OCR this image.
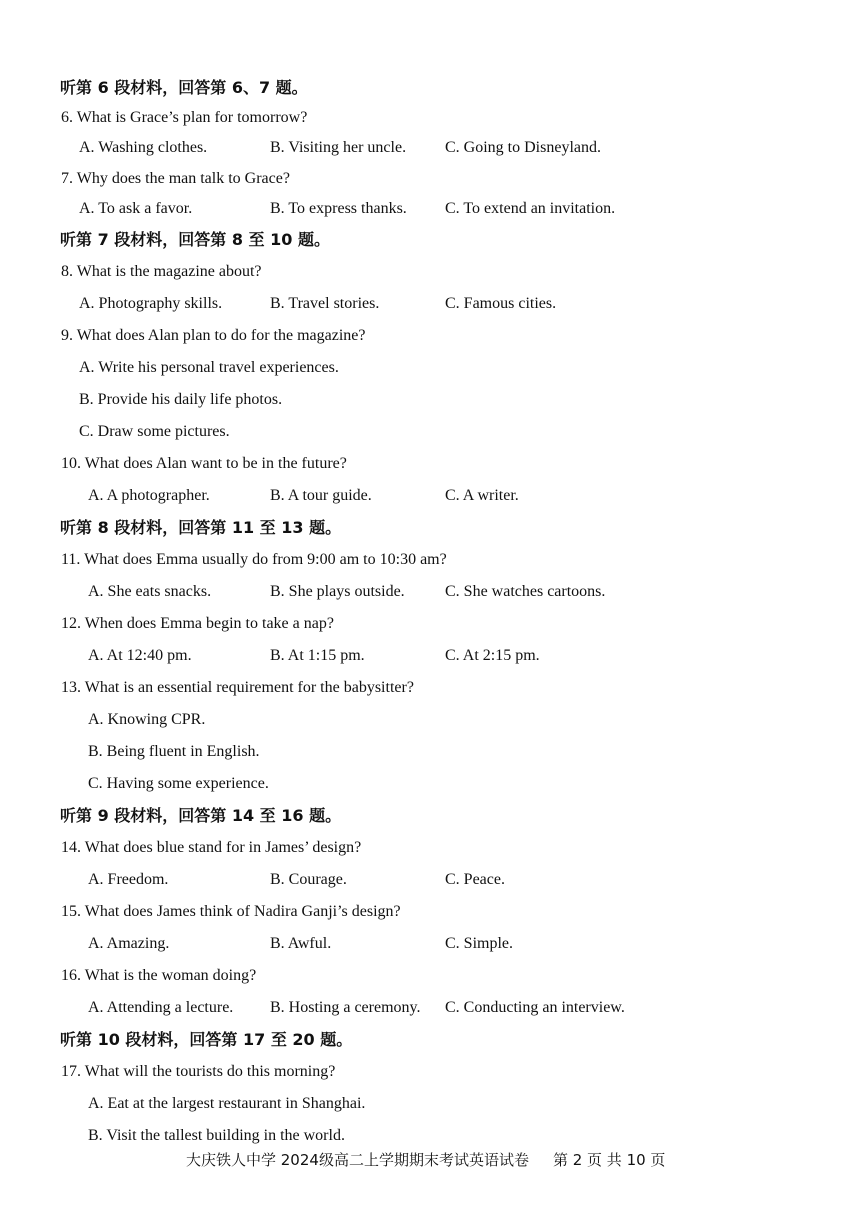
听第 6 段材料，回答第 6、7 题。
6. What is Grace’s plan for tomorrow?
A. Washing clothes.	B. Visiting her uncle. C. Going to Disneyland.
7. Why does the man talk to Grace?
A. To ask a favor.	B. To express thanks. C. To extend an invitation.
听第 7 段材料，回答第 8 至 10 题。
8. What is the magazine about?
A. Photography skills.	B. Travel stories.	C. Famous cities.
9. What does Alan plan to do for the magazine?
A. Write his personal travel experiences.
B. Provide his daily life photos.
C. Draw some pictures.
10. What does Alan want to be in the future?
A. A photographer.	B. A tour guide.	C. A writer.
听第 8 段材料，回答第 11 至 13 题。
11. What does Emma usually do from 9:00 am to 10:30 am?
A. She eats snacks.	B. She plays outside.	C. She watches cartoons.
12. When does Emma begin to take a nap?
A. At 12:40 pm.	B. At 1:15 pm.	C. At 2:15 pm.
13. What is an essential requirement for the babysitter?
A. Knowing CPR.
B. Being fluent in English.
C. Having some experience.
听第 9 段材料，回答第 14 至 16 题。
14. What does blue stand for in James’ design?
A. Freedom.	B. Courage.	C. Peace.
15. What does James think of Nadira Ganji’s design?
A. Amazing.	B. Awful.	C. Simple.
16. What is the woman doing?
A. Attending a lecture. B. Hosting a ceremony. C. Conducting an interview.
听第 10 段材料，回答第 17 至 20 题。
17. What will the tourists do this morning?
A. Eat at the largest restaurant in Shanghai.
B. Visit the tallest building in the world.
大庆铁人中学 2024级高二上学期期末考试英语试卷 第 2 页 共 10 页
